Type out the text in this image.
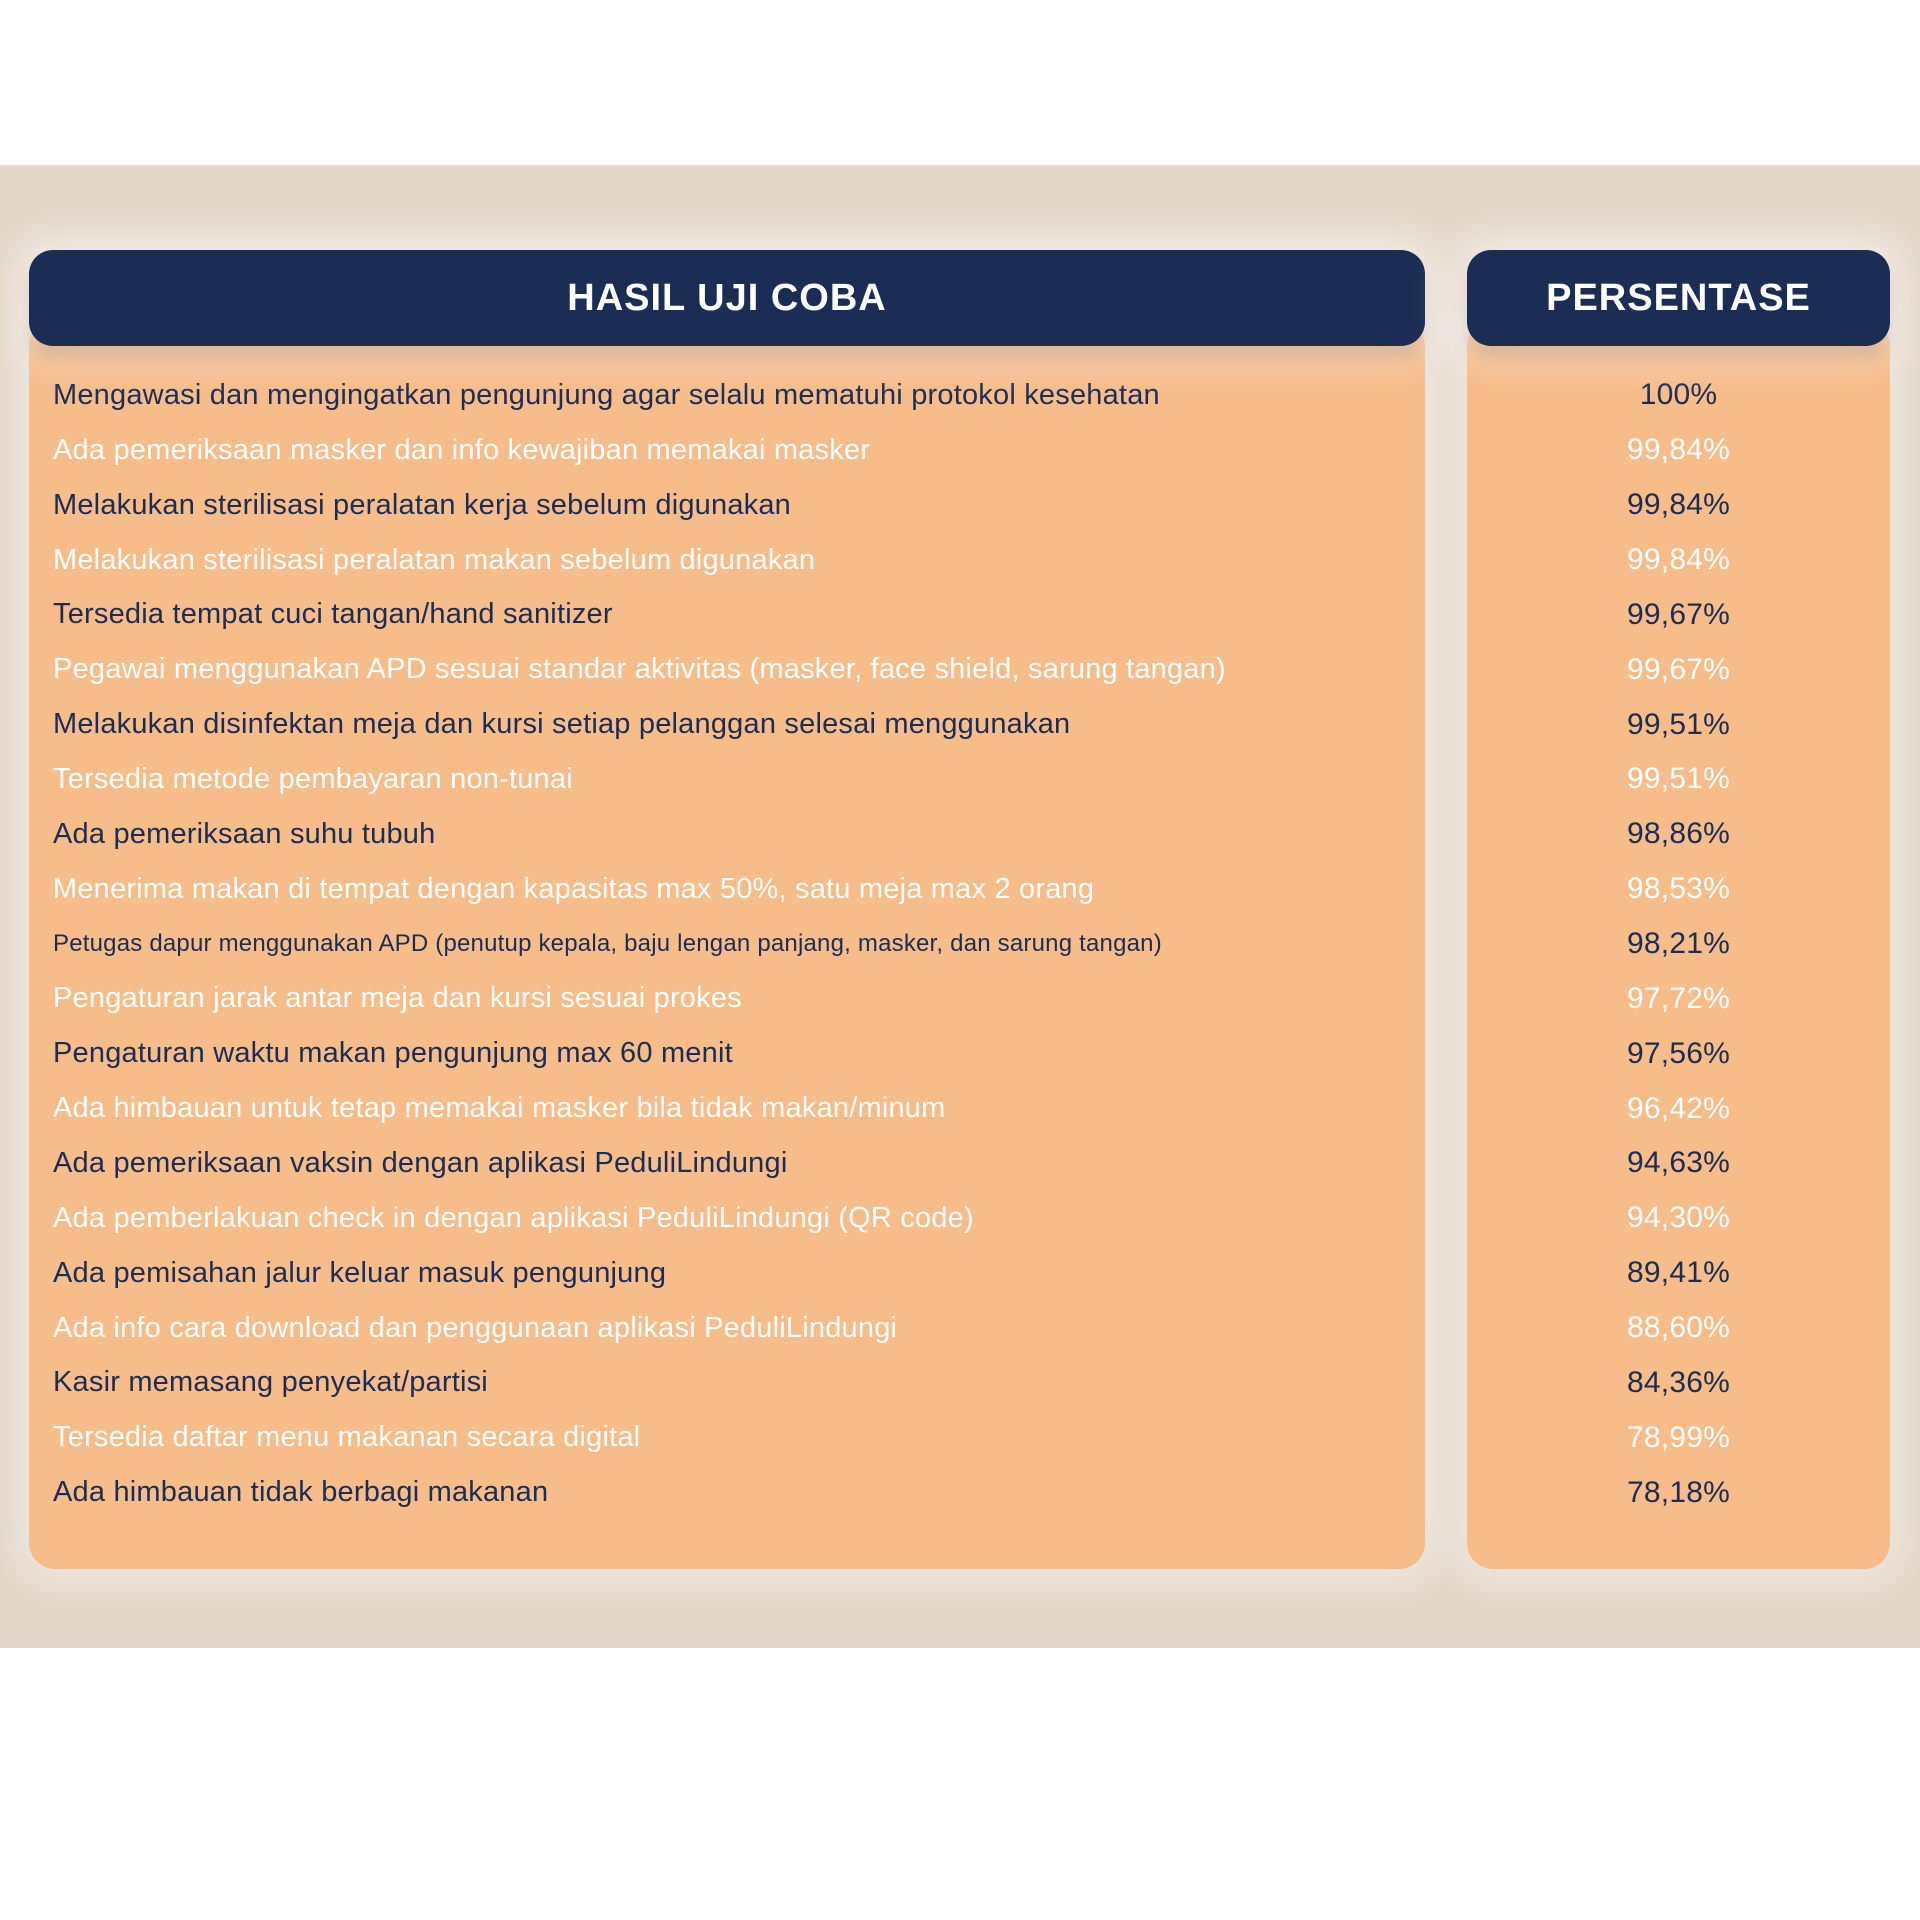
HASIL UJI COBA
Mengawasi dan mengingatkan pengunjung agar selalu mematuhi protokol kesehatan
Ada pemeriksaan masker dan info kewajiban memakai masker
Melakukan sterilisasi peralatan kerja sebelum digunakan
Melakukan sterilisasi peralatan makan sebelum digunakan
Tersedia tempat cuci tangan/hand sanitizer
Pegawai menggunakan APD sesuai standar aktivitas (masker, face shield, sarung tangan)
Melakukan disinfektan meja dan kursi setiap pelanggan selesai menggunakan
Tersedia metode pembayaran non-tunai
Ada pemeriksaan suhu tubuh
Menerima makan di tempat dengan kapasitas max 50%, satu meja max 2 orang
Petugas dapur menggunakan APD (penutup kepala, baju lengan panjang, masker, dan sarung tangan)
Pengaturan jarak antar meja dan kursi sesuai prokes
Pengaturan waktu makan pengunjung max 60 menit
Ada himbauan untuk tetap memakai masker bila tidak makan/minum
Ada pemeriksaan vaksin dengan aplikasi PeduliLindungi
Ada pemberlakuan check in dengan aplikasi PeduliLindungi (QR code)
Ada pemisahan jalur keluar masuk pengunjung
Ada info cara download dan penggunaan aplikasi PeduliLindungi
Kasir memasang penyekat/partisi
Tersedia daftar menu makanan secara digital
Ada himbauan tidak berbagi makanan
PERSENTASE
100%
99,84%
99,84%
99,84%
99,67%
99,67%
99,51%
99,51%
98,86%
98,53%
98,21%
97,72%
97,56%
96,42%
94,63%
94,30%
89,41%
88,60%
84,36%
78,99%
78,18%
